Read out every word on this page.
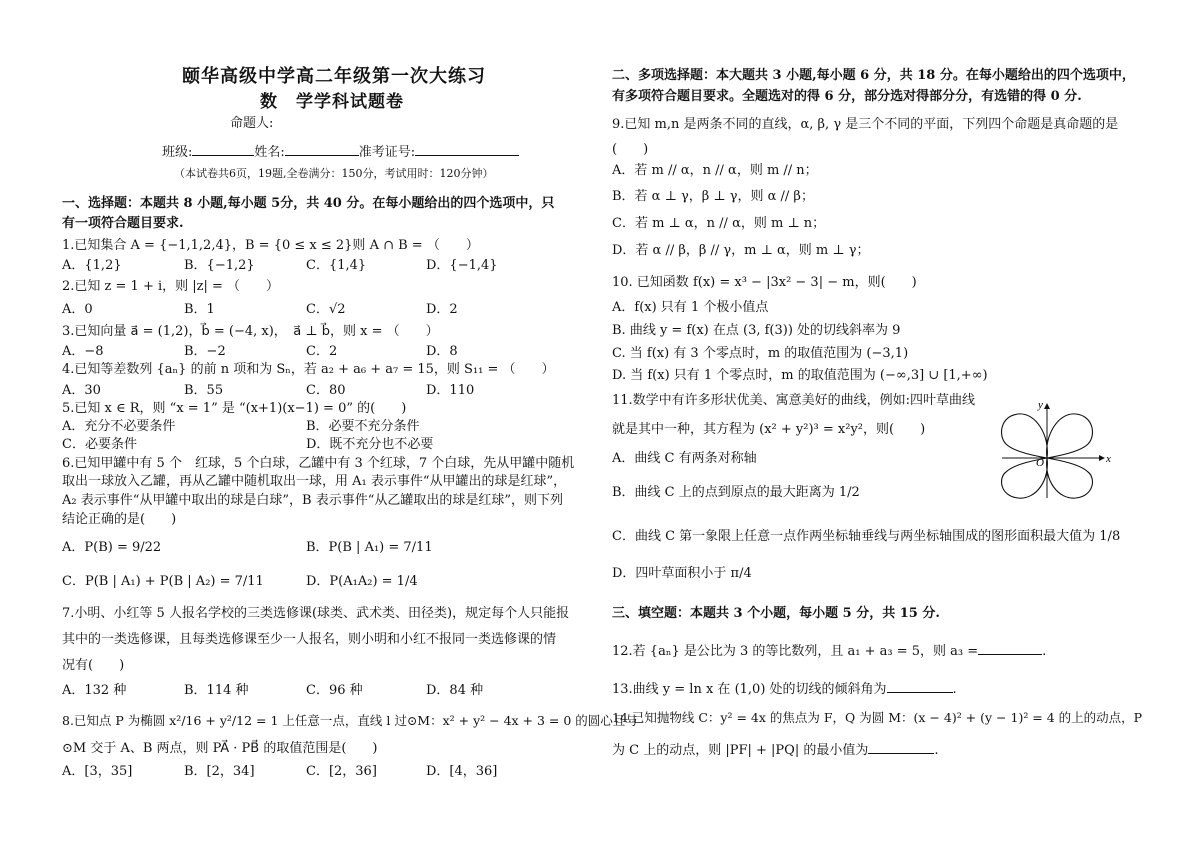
颐华高级中学高二年级第一次大练习
数　学学科试题卷
命题人:
班级:	姓名:	准考证号:
（本试卷共6页，19题,全卷满分：150分，考试用时：120分钟）
一、选择题：本题共 8 小题,每小题 5分，共 40 分。在每小题给出的四个选项中，只
有一项符合题目要求.
1.已知集合 A = {−1,1,2,4}，B = {0 ≤ x ≤ 2}则 A ∩ B = （　　）
A．{1,2}	B．{−1,2}	C．{1,4}	D．{−1,4}
2.已知 z = 1 + i，则 |z| = （　　）
A．0	B．1	C．√2	D．2
3.已知向量 a⃗ = (1,2)，b⃗ = (−4, x)，　a⃗ ⊥ b⃗，则 x = （　　）
A．−8	B．−2	C．2	D．8
4.已知等差数列 {aₙ} 的前 n 项和为 Sₙ，若 a₂ + a₆ + a₇ = 15，则 S₁₁ = （　　）
A．30	B．55	C．80	D．110
5.已知 x ∈ R，则 “x = 1” 是 “(x+1)(x−1) = 0” 的(　　)
A．充分不必要条件	B．必要不充分条件
C．必要条件	D．既不充分也不必要
6.已知甲罐中有 5 个　红球，5 个白球，乙罐中有 3 个红球，7 个白球，先从甲罐中随机
取出一球放入乙罐，再从乙罐中随机取出一球，用 A₁ 表示事件“从甲罐出的球是红球”，
A₂ 表示事件“从甲罐中取出的球是白球”，B 表示事件“从乙罐取出的球是红球”，则下列
结论正确的是(　　)
A．P(B) = 9/22	B．P(B | A₁) = 7/11
C．P(B | A₁) + P(B | A₂) = 7/11	D．P(A₁A₂) = 1/4
7.小明、小红等 5 人报名学校的三类选修课(球类、武术类、田径类)，规定每个人只能报
其中的一类选修课，且每类选修课至少一人报名，则小明和小红不报同一类选修课的情
况有(　　)
A．132 种	B．114 种	C．96 种	D．84 种
8.已知点 P 为椭圆 x²/16 + y²/12 = 1 上任意一点，直线 l 过⊙M：x² + y² − 4x + 3 = 0 的圆心且与
⊙M 交于 A、B 两点，则 PA⃗ · PB⃗ 的取值范围是(　　)
A．[3，35]	B．[2，34]	C．[2，36]	D．[4，36]
二、多项选择题：本大题共 3 小题,每小题 6 分，共 18 分。在每小题给出的四个选项中，
有多项符合题目要求。全题选对的得 6 分，部分选对得部分分，有选错的得 0 分.
9.已知 m,n 是两条不同的直线，α, β, γ 是三个不同的平面，下列四个命题是真命题的是
(　　)
A．若 m // α，n // α，则 m // n；
B．若 α ⊥ γ，β ⊥ γ，则 α // β；
C．若 m ⊥ α，n // α，则 m ⊥ n；
D．若 α // β，β // γ，m ⊥ α，则 m ⊥ γ；
10. 已知函数 f(x) = x³ − |3x² − 3| − m，则(　　)
A．f(x) 只有 1 个极小值点
B. 曲线 y = f(x) 在点 (3, f(3)) 处的切线斜率为 9
C. 当 f(x) 有 3 个零点时，m 的取值范围为 (−3,1)
D. 当 f(x) 只有 1 个零点时，m 的取值范围为 (−∞,3] ∪ [1,+∞)
11.数学中有许多形状优美、寓意美好的曲线，例如:四叶草曲线
就是其中一种，其方程为 (x² + y²)³ = x²y²，则(　　)
A．曲线 C 有两条对称轴
B．曲线 C 上的点到原点的最大距离为 1/2
C．曲线 C 第一象限上任意一点作两坐标轴垂线与两坐标轴围成的图形面积最大值为 1/8
D．四叶草面积小于 π/4
三、填空题：本题共 3 个小题，每小题 5 分，共 15 分.
12.若 {aₙ} 是公比为 3 的等比数列，且 a₁ + a₃ = 5，则 a₃ =	.
13.曲线 y = ln x 在 (1,0) 处的切线的倾斜角为	.
14.已知抛物线 C：y² = 4x 的焦点为 F，Q 为圆 M：(x − 4)² + (y − 1)² = 4 的上的动点，P
为 C 上的动点，则 |PF| + |PQ| 的最小值为	.
x
y
O
